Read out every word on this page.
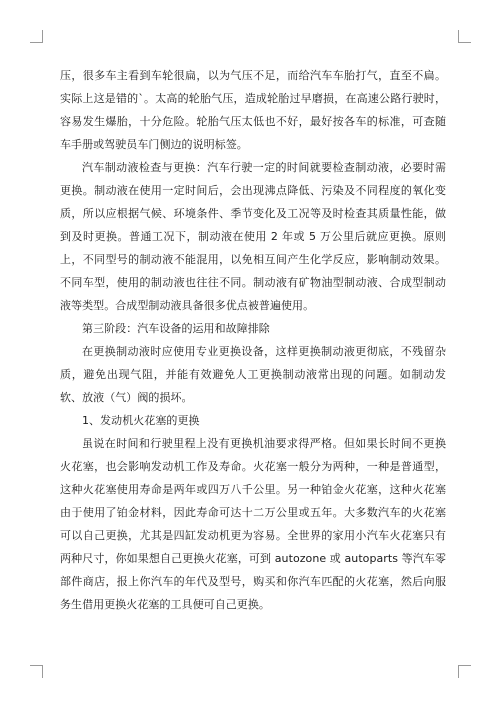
压，很多车主看到车轮很扁，以为气压不足，而给汽车车胎打气，直至不扁。实际上这是错的`。太高的轮胎气压，造成轮胎过早磨损，在高速公路行驶时，容易发生爆胎，十分危险。轮胎气压太低也不好，最好按各车的标准，可查随车手册或驾驶员车门侧边的说明标签。

汽车制动液检查与更换：汽车行驶一定的时间就要检查制动液，必要时需更换。制动液在使用一定时间后，会出现沸点降低、污染及不同程度的氧化变质，所以应根据气候、环境条件、季节变化及工况等及时检查其质量性能，做到及时更换。普通工况下，制动液在使用 2 年或 5 万公里后就应更换。原则上，不同型号的制动液不能混用，以免相互间产生化学反应，影响制动效果。不同车型，使用的制动液也往往不同。制动液有矿物油型制动液、合成型制动液等类型。合成型制动液具备很多优点被普遍使用。

第三阶段：汽车设备的运用和故障排除

在更换制动液时应使用专业更换设备，这样更换制动液更彻底，不残留杂质，避免出现气阻，并能有效避免人工更换制动液常出现的问题。如制动发软、放液（气）阀的损坏。

1、发动机火花塞的更换

虽说在时间和行驶里程上没有更换机油要求得严格。但如果长时间不更换火花塞，也会影响发动机工作及寿命。火花塞一般分为两种，一种是普通型，这种火花塞使用寿命是两年或四万八千公里。另一种铂金火花塞，这种火花塞由于使用了铂金材料，因此寿命可达十二万公里或五年。大多数汽车的火花塞可以自己更换，尤其是四缸发动机更为容易。全世界的家用小汽车火花塞只有两种尺寸，你如果想自己更换火花塞，可到 autozone 或 autoparts 等汽车零部件商店，报上你汽车的年代及型号，购买和你汽车匹配的火花塞，然后向服务生借用更换火花塞的工具便可自己更换。
